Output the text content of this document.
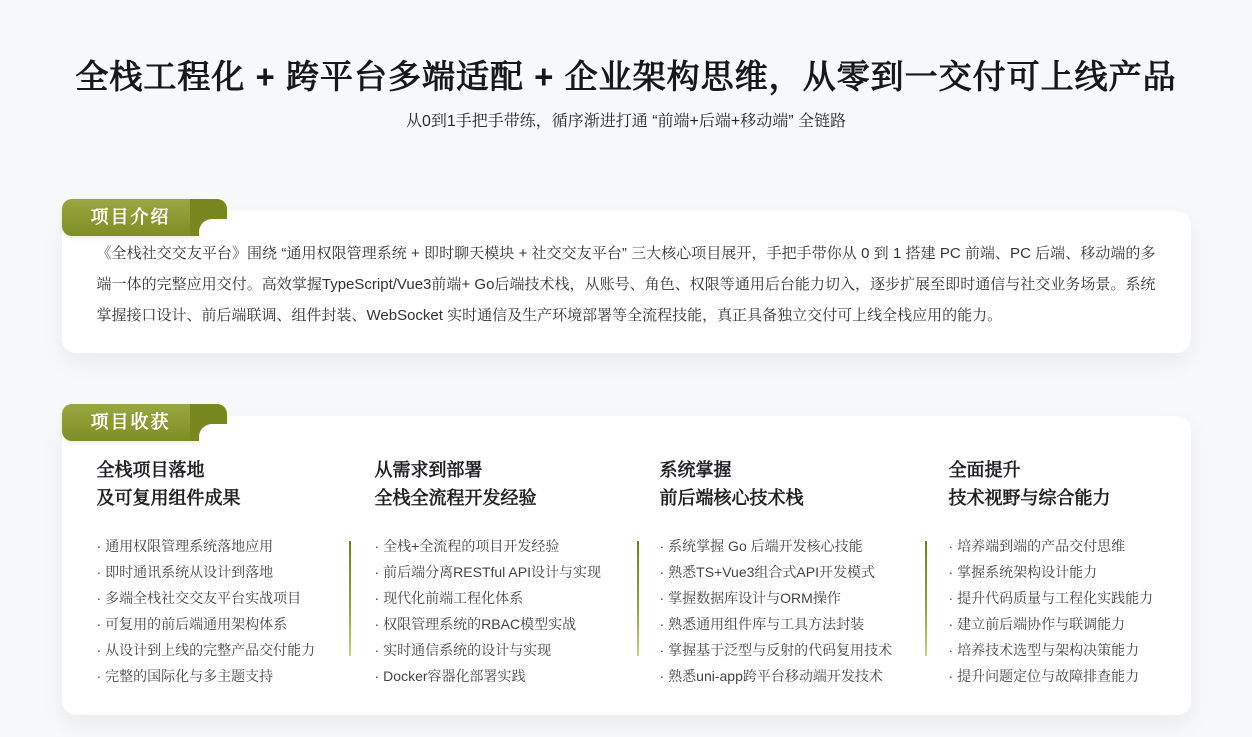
全栈工程化 + 跨平台多端适配 + 企业架构思维，从零到一交付可上线产品
从0到1手把手带练，循序渐进打通 “前端+后端+移动端” 全链路
项目介绍

《全栈社交交友平台》围绕 “通用权限管理系统 + 即时聊天模块 + 社交交友平台” 三大核心项目展开，手把手带你从 0 到 1 搭建 PC 前端、PC 后端、移动端的多端一体的完整应用交付。高效掌握TypeScript/Vue3前端+ Go后端技术栈，从账号、角色、权限等通用后台能力切入，逐步扩展至即时通信与社交业务场景。系统掌握接口设计、前后端联调、组件封装、WebSocket 实时通信及生产环境部署等全流程技能，真正具备独立交付可上线全栈应用的能力。

项目收获
全栈项目落地
及可复用组件成果
· 通用权限管理系统落地应用
· 即时通讯系统从设计到落地
· 多端全栈社交交友平台实战项目
· 可复用的前后端通用架构体系
· 从设计到上线的完整产品交付能力
· 完整的国际化与多主题支持
从需求到部署
全栈全流程开发经验
· 全栈+全流程的项目开发经验
· 前后端分离RESTful API设计与实现
· 现代化前端工程化体系
· 权限管理系统的RBAC模型实战
· 实时通信系统的设计与实现
· Docker容器化部署实践
系统掌握
前后端核心技术栈
· 系统掌握 Go 后端开发核心技能
· 熟悉TS+Vue3组合式API开发模式
· 掌握数据库设计与ORM操作
· 熟悉通用组件库与工具方法封装
· 掌握基于泛型与反射的代码复用技术
· 熟悉uni-app跨平台移动端开发技术
全面提升
技术视野与综合能力
· 培养端到端的产品交付思维
· 掌握系统架构设计能力
· 提升代码质量与工程化实践能力
· 建立前后端协作与联调能力
· 培养技术选型与架构决策能力
· 提升问题定位与故障排查能力
